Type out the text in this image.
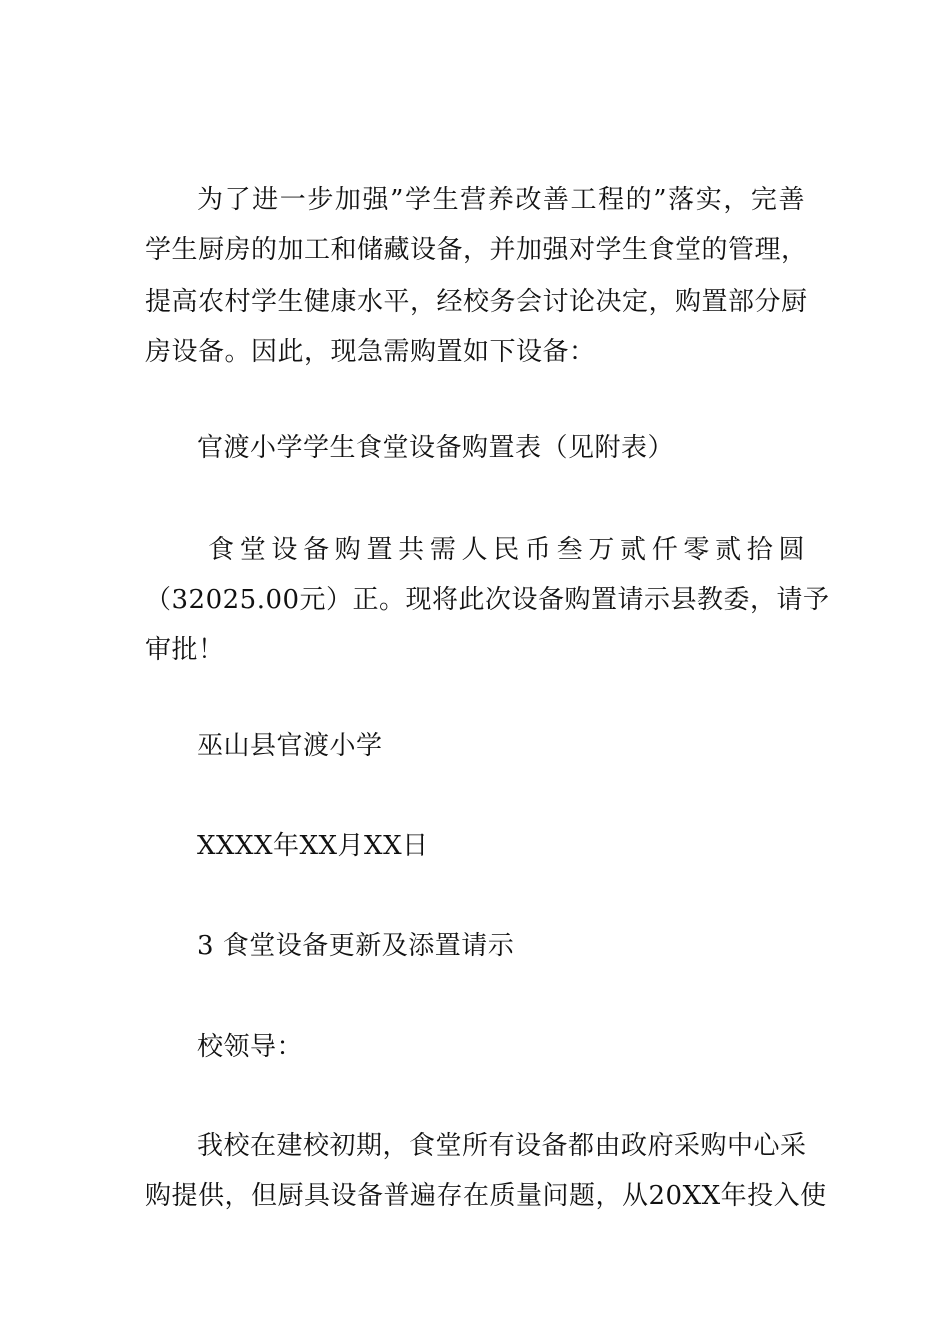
为了进一步加强”学生营养改善工程的”落实，完善
学生厨房的加工和储藏设备，并加强对学生食堂的管理，
提高农村学生健康水平，经校务会讨论决定，购置部分厨
房设备。因此，现急需购置如下设备：
官渡小学学生食堂设备购置表（见附表）
食堂设备购置共需人民币叁万贰仟零贰拾圆
（32025.00元）正。现将此次设备购置请示县教委，请予
审批！
巫山县官渡小学
XXXX年XX月XX日
3 食堂设备更新及添置请示
校领导：
我校在建校初期，食堂所有设备都由政府采购中心采
购提供，但厨具设备普遍存在质量问题，从20XX年投入使
